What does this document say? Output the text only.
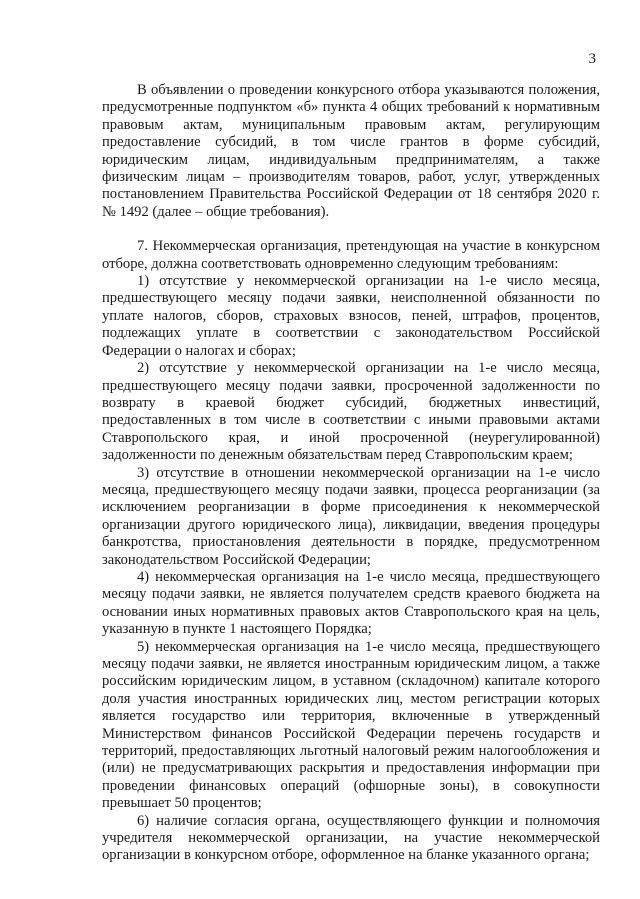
3

В объявлении о проведении конкурсного отбора указываются положения, предусмотренные подпунктом «б» пункта 4 общих требований к нормативным правовым актам, муниципальным правовым актам, регулирующим предоставление субсидий, в том числе грантов в форме субсидий, юридическим лицам, индивидуальным предпринимателям, а также физическим лицам – производителям товаров, работ, услуг, утвержденных постановлением Правительства Российской Федерации от 18 сентября 2020 г. № 1492 (далее – общие требования).

7. Некоммерческая организация, претендующая на участие в конкурсном отборе, должна соответствовать одновременно следующим требованиям:

1) отсутствие у некоммерческой организации на 1-е число месяца, предшествующего месяцу подачи заявки, неисполненной обязанности по уплате налогов, сборов, страховых взносов, пеней, штрафов, процентов, подлежащих уплате в соответствии с законодательством Российской Федерации о налогах и сборах;

2) отсутствие у некоммерческой организации на 1-е число месяца, предшествующего месяцу подачи заявки, просроченной задолженности по возврату в краевой бюджет субсидий, бюджетных инвестиций, предоставленных в том числе в соответствии с иными правовыми актами Ставропольского края, и иной просроченной (неурегулированной) задолженности по денежным обязательствам перед Ставропольским краем;

3) отсутствие в отношении некоммерческой организации на 1-е число месяца, предшествующего месяцу подачи заявки, процесса реорганизации (за исключением реорганизации в форме присоединения к некоммерческой организации другого юридического лица), ликвидации, введения процедуры банкротства, приостановления деятельности в порядке, предусмотренном законодательством Российской Федерации;

4) некоммерческая организация на 1-е число месяца, предшествующего месяцу подачи заявки, не является получателем средств краевого бюджета на основании иных нормативных правовых актов Ставропольского края на цель, указанную в пункте 1 настоящего Порядка;

5) некоммерческая организация на 1-е число месяца, предшествующего месяцу подачи заявки, не является иностранным юридическим лицом, а также российским юридическим лицом, в уставном (складочном) капитале которого доля участия иностранных юридических лиц, местом регистрации которых является государство или территория, включенные в утвержденный Министерством финансов Российской Федерации перечень государств и территорий, предоставляющих льготный налоговый режим налогообложения и (или) не предусматривающих раскрытия и предоставления информации при проведении финансовых операций (офшорные зоны), в совокупности превышает 50 процентов;

6) наличие согласия органа, осуществляющего функции и полномочия учредителя некоммерческой организации, на участие некоммерческой организации в конкурсном отборе, оформленное на бланке указанного органа;
